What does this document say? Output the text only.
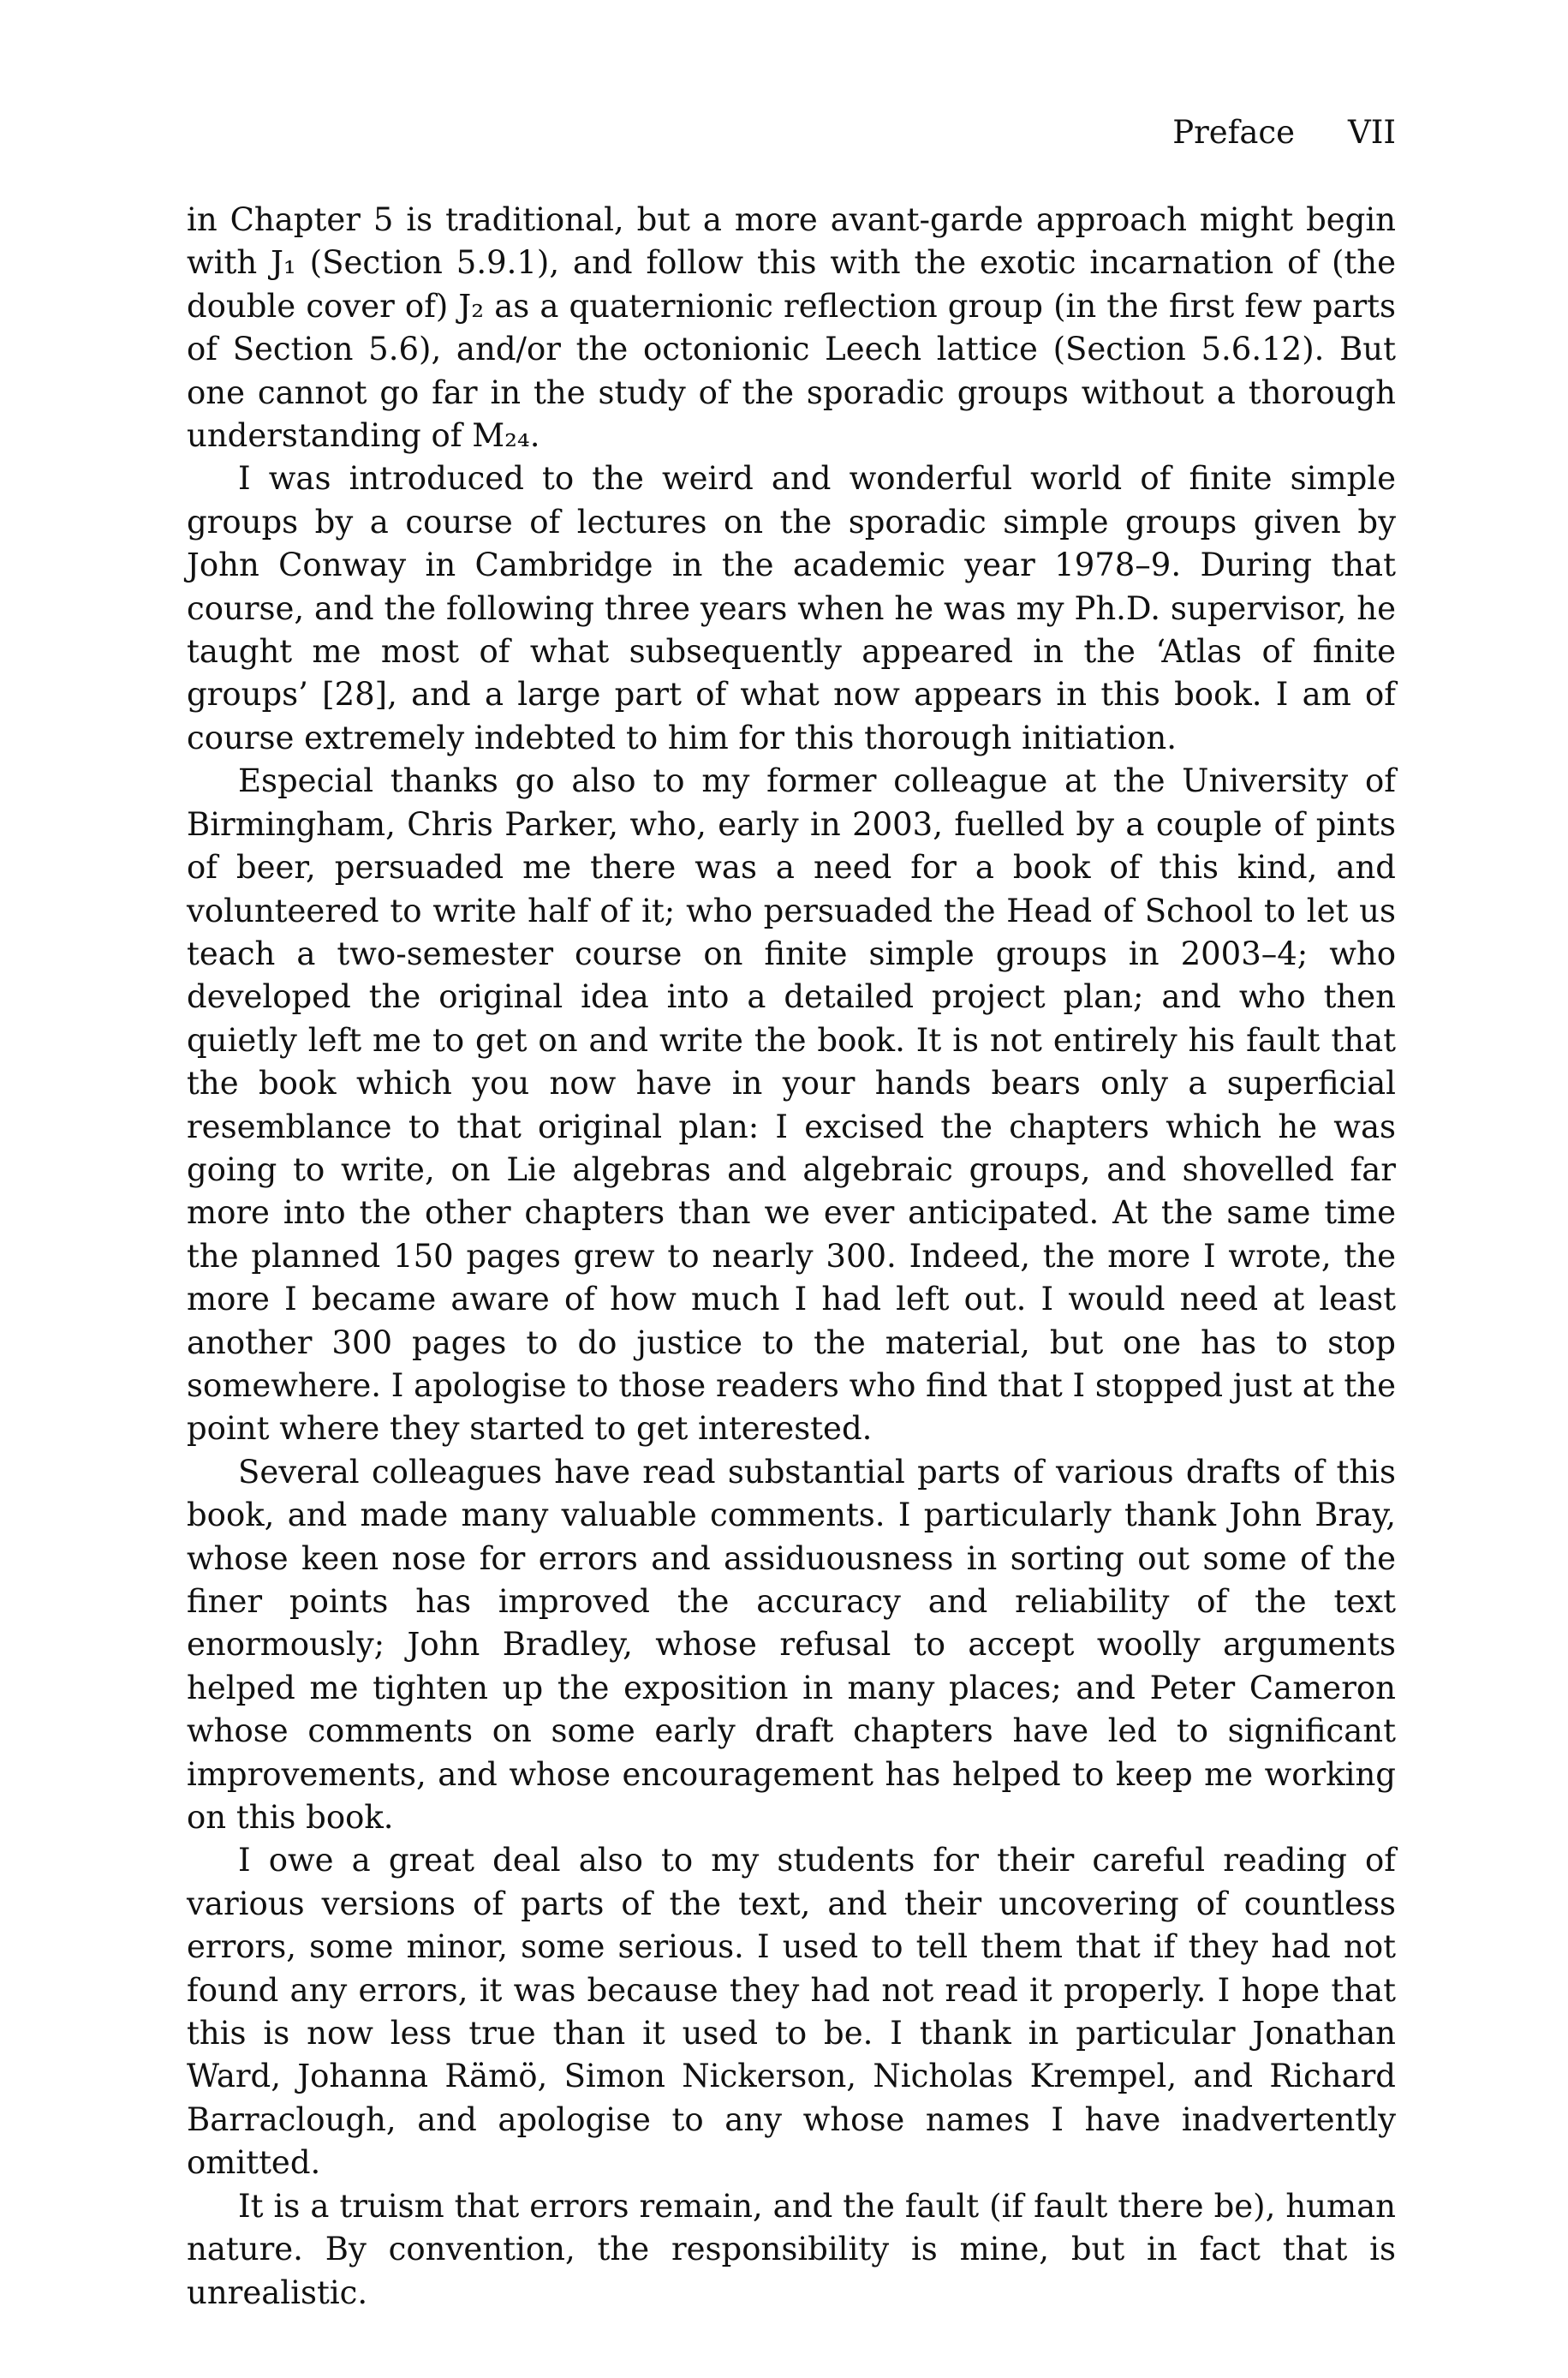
Preface VII

in Chapter 5 is traditional, but a more avant-garde approach might begin with J₁ (Section 5.9.1), and follow this with the exotic incarnation of (the double cover of) J₂ as a quaternionic reflection group (in the first few parts of Section 5.6), and/or the octonionic Leech lattice (Section 5.6.12). But one cannot go far in the study of the sporadic groups without a thorough understanding of M₂₄.

I was introduced to the weird and wonderful world of finite simple groups by a course of lectures on the sporadic simple groups given by John Conway in Cambridge in the academic year 1978–9. During that course, and the following three years when he was my Ph.D. supervisor, he taught me most of what subsequently appeared in the ‘Atlas of finite groups’ [28], and a large part of what now appears in this book. I am of course extremely indebted to him for this thorough initiation.

Especial thanks go also to my former colleague at the University of Birmingham, Chris Parker, who, early in 2003, fuelled by a couple of pints of beer, persuaded me there was a need for a book of this kind, and volunteered to write half of it; who persuaded the Head of School to let us teach a two-semester course on finite simple groups in 2003–4; who developed the original idea into a detailed project plan; and who then quietly left me to get on and write the book. It is not entirely his fault that the book which you now have in your hands bears only a superficial resemblance to that original plan: I excised the chapters which he was going to write, on Lie algebras and algebraic groups, and shovelled far more into the other chapters than we ever anticipated. At the same time the planned 150 pages grew to nearly 300. Indeed, the more I wrote, the more I became aware of how much I had left out. I would need at least another 300 pages to do justice to the material, but one has to stop somewhere. I apologise to those readers who find that I stopped just at the point where they started to get interested.

Several colleagues have read substantial parts of various drafts of this book, and made many valuable comments. I particularly thank John Bray, whose keen nose for errors and assiduousness in sorting out some of the finer points has improved the accuracy and reliability of the text enormously; John Bradley, whose refusal to accept woolly arguments helped me tighten up the exposition in many places; and Peter Cameron whose comments on some early draft chapters have led to significant improvements, and whose encouragement has helped to keep me working on this book.

I owe a great deal also to my students for their careful reading of various versions of parts of the text, and their uncovering of countless errors, some minor, some serious. I used to tell them that if they had not found any errors, it was because they had not read it properly. I hope that this is now less true than it used to be. I thank in particular Jonathan Ward, Johanna Rämö, Simon Nickerson, Nicholas Krempel, and Richard Barraclough, and apologise to any whose names I have inadvertently omitted.

It is a truism that errors remain, and the fault (if fault there be), human nature. By convention, the responsibility is mine, but in fact that is unrealistic.
